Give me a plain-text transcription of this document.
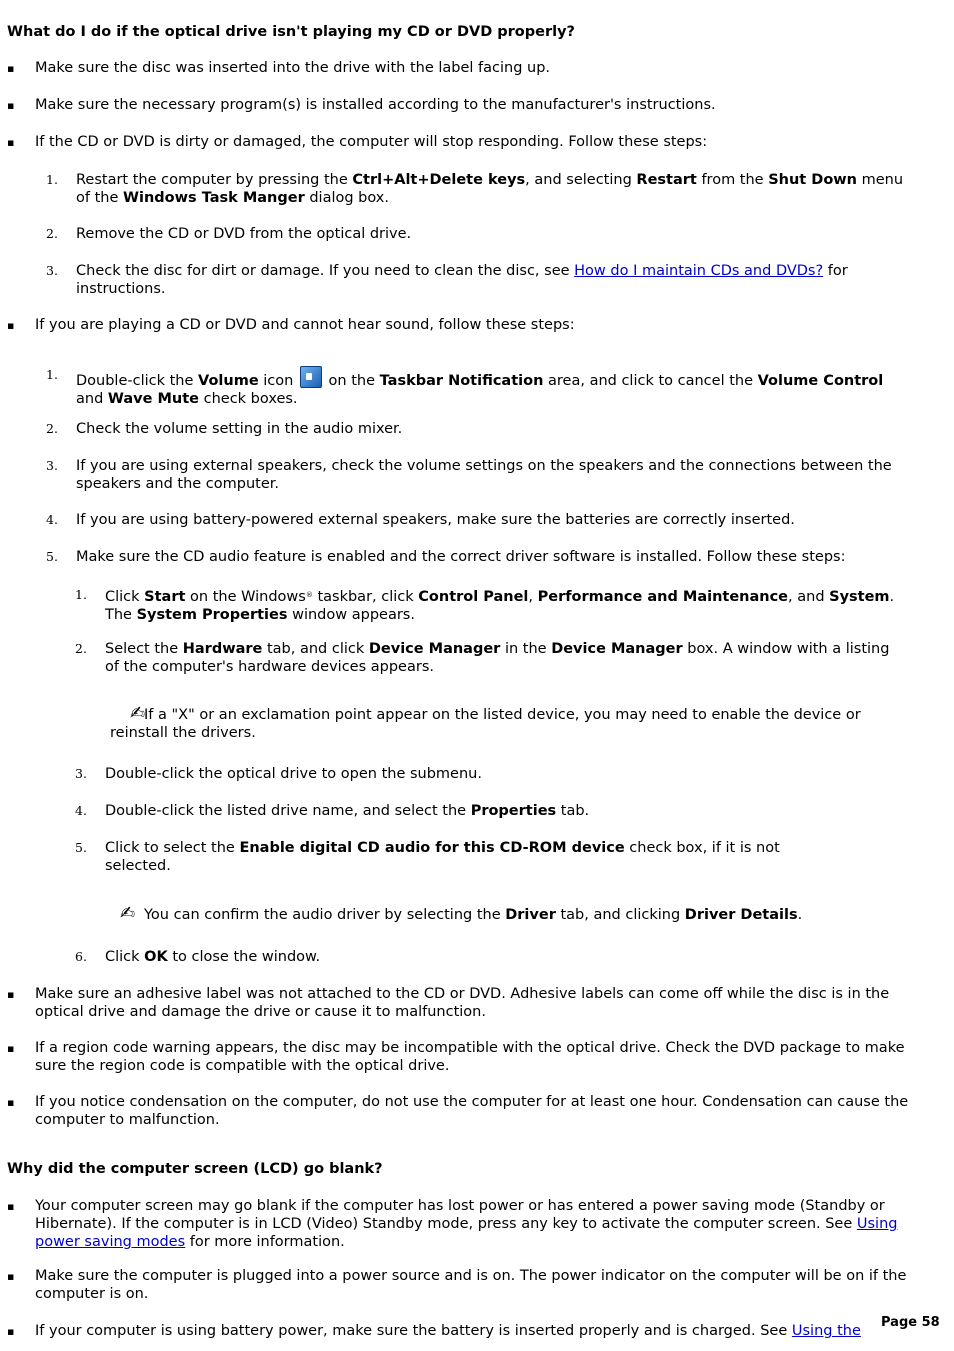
What do I do if the optical drive isn't playing my CD or DVD properly?
▪	Make sure the disc was inserted into the drive with the label facing up.
▪	Make sure the necessary program(s) is installed according to the manufacturer's instructions.
▪	If the CD or DVD is dirty or damaged, the computer will stop responding. Follow these steps:
1. Restart the computer by pressing the Ctrl+Alt+Delete keys, and selecting Restart from the Shut Down menu of the Windows Task Manger dialog box.
2. Remove the CD or DVD from the optical drive.
3. Check the disc for dirt or damage. If you need to clean the disc, see How do I maintain CDs and DVDs? for instructions.
▪	If you are playing a CD or DVD and cannot hear sound, follow these steps:
1. Double-click the Volume icon  on the Taskbar Notification area, and click to cancel the Volume Control and Wave Mute check boxes.
2. Check the volume setting in the audio mixer.
3. If you are using external speakers, check the volume settings on the speakers and the connections between the speakers and the computer.
4. If you are using battery-powered external speakers, make sure the batteries are correctly inserted.
5. Make sure the CD audio feature is enabled and the correct driver software is installed. Follow these steps:
1. Click Start on the Windows® taskbar, click Control Panel, Performance and Maintenance, and System. The System Properties window appears.
2. Select the Hardware tab, and click Device Manager in the Device Manager box. A window with a listing of the computer's hardware devices appears.
✍If a "X" or an exclamation point appear on the listed device, you may need to enable the device or reinstall the drivers.
3. Double-click the optical drive to open the submenu.
4. Double-click the listed drive name, and select the Properties tab.
5. Click to select the Enable digital CD audio for this CD-ROM device check box, if it is not selected.
✍ You can confirm the audio driver by selecting the Driver tab, and clicking Driver Details.
6. Click OK to close the window.
▪	Make sure an adhesive label was not attached to the CD or DVD. Adhesive labels can come off while the disc is in the optical drive and damage the drive or cause it to malfunction.
▪	If a region code warning appears, the disc may be incompatible with the optical drive. Check the DVD package to make sure the region code is compatible with the optical drive.
▪	If you notice condensation on the computer, do not use the computer for at least one hour. Condensation can cause the computer to malfunction.
Why did the computer screen (LCD) go blank?
▪	Your computer screen may go blank if the computer has lost power or has entered a power saving mode (Standby or Hibernate). If the computer is in LCD (Video) Standby mode, press any key to activate the computer screen. See Using power saving modes for more information.
▪	Make sure the computer is plugged into a power source and is on. The power indicator on the computer will be on if the computer is on.
Page 58
▪	If your computer is using battery power, make sure the battery is inserted properly and is charged. See Using the
